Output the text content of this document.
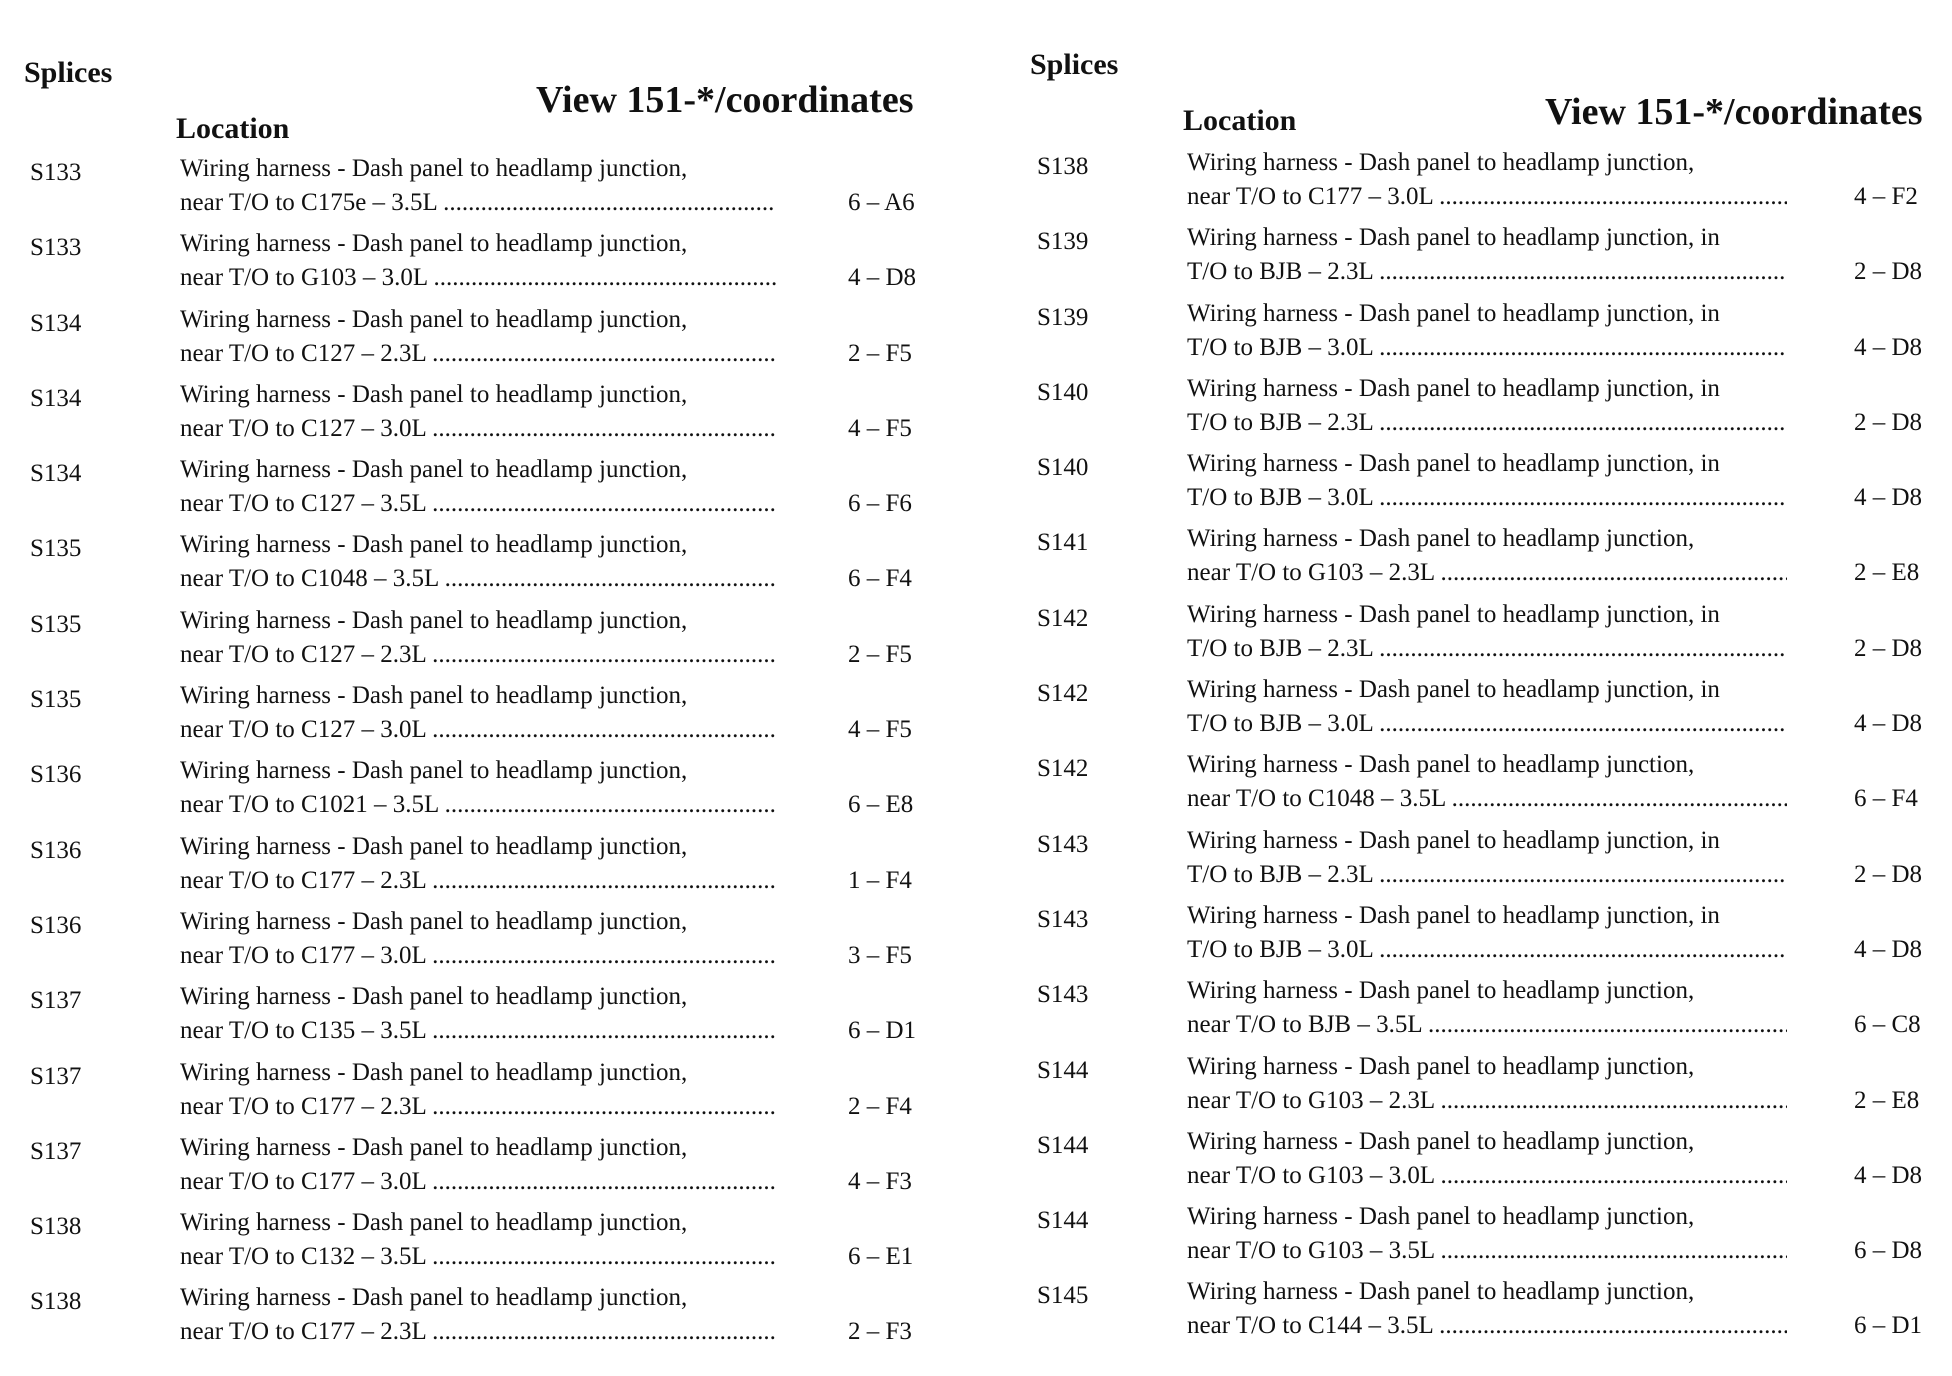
Splices
View 151-*/coordinates
Location
S133	Wiring harness - Dash panel to headlamp junction,
near T/O to C175e – 3.5L .....	6 – A6
S133	Wiring harness - Dash panel to headlamp junction,
near T/O to G103 – 3.0L .....	4 – D8
S134	Wiring harness - Dash panel to headlamp junction,
near T/O to C127 – 2.3L .....	2 – F5
S134	Wiring harness - Dash panel to headlamp junction,
near T/O to C127 – 3.0L .....	4 – F5
S134	Wiring harness - Dash panel to headlamp junction,
near T/O to C127 – 3.5L .....	6 – F6
S135	Wiring harness - Dash panel to headlamp junction,
near T/O to C1048 – 3.5L .....	6 – F4
S135	Wiring harness - Dash panel to headlamp junction,
near T/O to C127 – 2.3L .....	2 – F5
S135	Wiring harness - Dash panel to headlamp junction,
near T/O to C127 – 3.0L .....	4 – F5
S136	Wiring harness - Dash panel to headlamp junction,
near T/O to C1021 – 3.5L .....	6 – E8
S136	Wiring harness - Dash panel to headlamp junction,
near T/O to C177 – 2.3L .....	1 – F4
S136	Wiring harness - Dash panel to headlamp junction,
near T/O to C177 – 3.0L .....	3 – F5
S137	Wiring harness - Dash panel to headlamp junction,
near T/O to C135 – 3.5L .....	6 – D1
S137	Wiring harness - Dash panel to headlamp junction,
near T/O to C177 – 2.3L .....	2 – F4
S137	Wiring harness - Dash panel to headlamp junction,
near T/O to C177 – 3.0L .....	4 – F3
S138	Wiring harness - Dash panel to headlamp junction,
near T/O to C132 – 3.5L .....	6 – E1
S138	Wiring harness - Dash panel to headlamp junction,
near T/O to C177 – 2.3L .....	2 – F3
Splices
View 151-*/coordinates
Location
S138	Wiring harness - Dash panel to headlamp junction,
near T/O to C177 – 3.0L .....	4 – F2
S139	Wiring harness - Dash panel to headlamp junction, in
T/O to BJB – 2.3L .....	2 – D8
S139	Wiring harness - Dash panel to headlamp junction, in
T/O to BJB – 3.0L .....	4 – D8
S140	Wiring harness - Dash panel to headlamp junction, in
T/O to BJB – 2.3L .....	2 – D8
S140	Wiring harness - Dash panel to headlamp junction, in
T/O to BJB – 3.0L .....	4 – D8
S141	Wiring harness - Dash panel to headlamp junction,
near T/O to G103 – 2.3L .....	2 – E8
S142	Wiring harness - Dash panel to headlamp junction, in
T/O to BJB – 2.3L .....	2 – D8
S142	Wiring harness - Dash panel to headlamp junction, in
T/O to BJB – 3.0L .....	4 – D8
S142	Wiring harness - Dash panel to headlamp junction,
near T/O to C1048 – 3.5L .....	6 – F4
S143	Wiring harness - Dash panel to headlamp junction, in
T/O to BJB – 2.3L .....	2 – D8
S143	Wiring harness - Dash panel to headlamp junction, in
T/O to BJB – 3.0L .....	4 – D8
S143	Wiring harness - Dash panel to headlamp junction,
near T/O to BJB – 3.5L .....	6 – C8
S144	Wiring harness - Dash panel to headlamp junction,
near T/O to G103 – 2.3L .....	2 – E8
S144	Wiring harness - Dash panel to headlamp junction,
near T/O to G103 – 3.0L .....	4 – D8
S144	Wiring harness - Dash panel to headlamp junction,
near T/O to G103 – 3.5L .....	6 – D8
S145	Wiring harness - Dash panel to headlamp junction,
near T/O to C144 – 3.5L .....	6 – D1
